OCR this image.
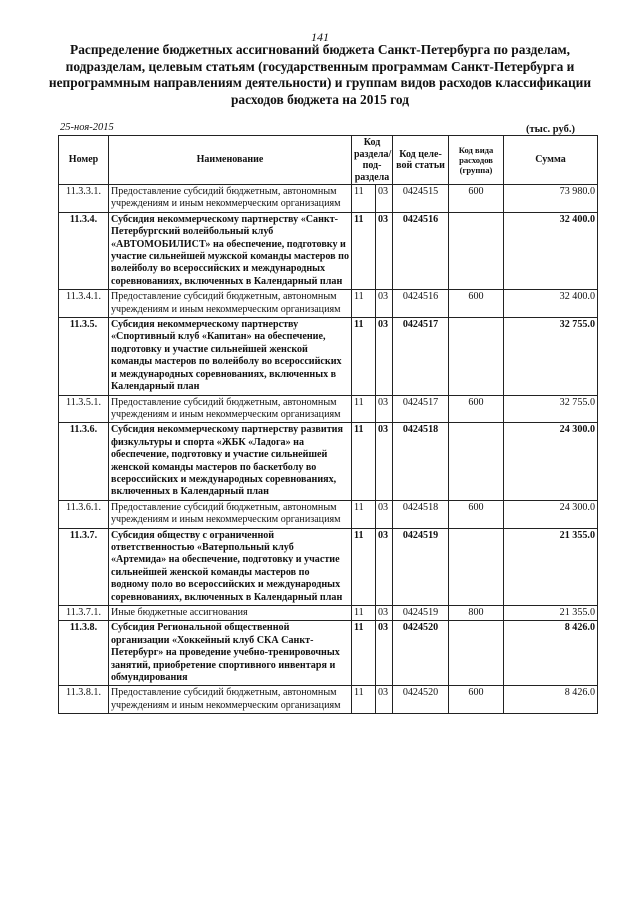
141
Распределение бюджетных ассигнований бюджета Санкт-Петербурга по разделам, подразделам, целевым статьям (государственным программам Санкт-Петербурга и непрограммным направлениям деятельности) и группам видов расходов классификации расходов бюджета на 2015 год
25-ноя-2015	(тыс. руб.)
Номер	Наименование	Код раздела/ под-раздела		Код целе-вой статьи	Код вида расходов (группа)	Сумма
11.3.3.1.	Предоставление субсидий бюджетным, автономным учреждениям и иным некоммерческим организациям	11	03	0424515	600	73 980.0
11.3.4.	Субсидия некоммерческому партнерству «Санкт-Петербургский волейбольный клуб «АВТОМОБИЛИСТ» на обеспечение, подготовку и участие сильнейшей мужской команды мастеров по волейболу во всероссийских и международных соревнованиях, включенных в Календарный план	11	03	0424516		32 400.0
11.3.4.1.	Предоставление субсидий бюджетным, автономным учреждениям и иным некоммерческим организациям	11	03	0424516	600	32 400.0
11.3.5.	Субсидия некоммерческому партнерству «Спортивный клуб «Капитан» на обеспечение, подготовку и участие сильнейшей женской команды мастеров по волейболу во всероссийских и международных соревнованиях, включенных в Календарный план	11	03	0424517		32 755.0
11.3.5.1.	Предоставление субсидий бюджетным, автономным учреждениям и иным некоммерческим организациям	11	03	0424517	600	32 755.0
11.3.6.	Субсидия некоммерческому партнерству развития физкультуры и спорта «ЖБК «Ладога» на обеспечение, подготовку и участие сильнейшей женской команды мастеров по баскетболу во всероссийских и международных соревнованиях, включенных в Календарный план	11	03	0424518		24 300.0
11.3.6.1.	Предоставление субсидий бюджетным, автономным учреждениям и иным некоммерческим организациям	11	03	0424518	600	24 300.0
11.3.7.	Субсидия обществу с ограниченной ответственностью «Ватерпольный клуб «Артемида» на обеспечение, подготовку и участие сильнейшей женской команды мастеров по водному поло во всероссийских и международных соревнованиях, включенных в Календарный план	11	03	0424519		21 355.0
11.3.7.1.	Иные бюджетные ассигнования	11	03	0424519	800	21 355.0
11.3.8.	Субсидия Региональной общественной организации «Хоккейный клуб СКА Санкт-Петербург» на проведение учебно-тренировочных занятий, приобретение спортивного инвентаря и обмундирования	11	03	0424520		8 426.0
11.3.8.1.	Предоставление субсидий бюджетным, автономным учреждениям и иным некоммерческим организациям	11	03	0424520	600	8 426.0
